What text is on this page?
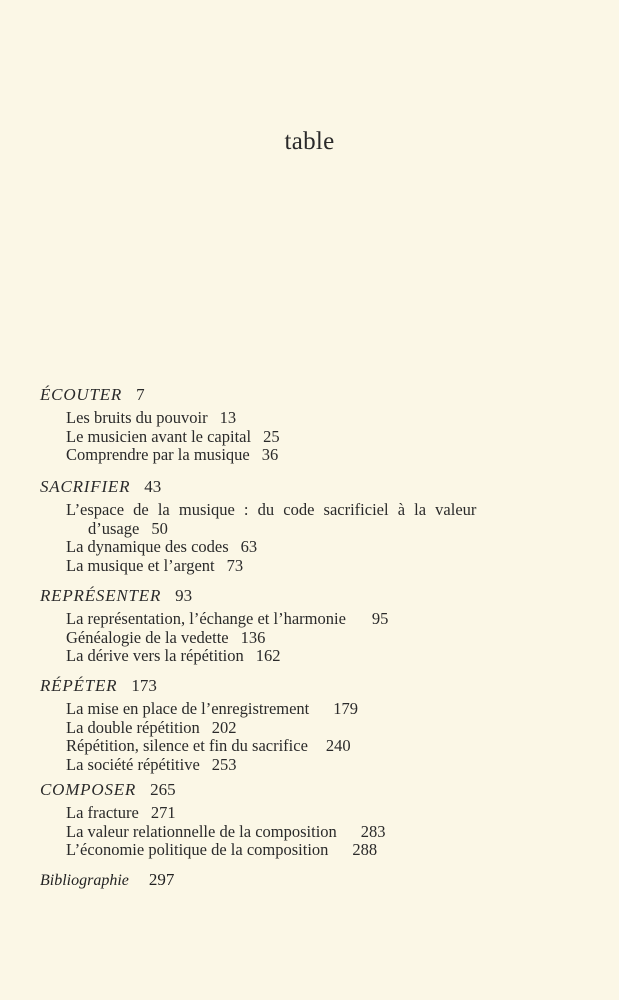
table
ÉCOUTER 7
Les bruits du pouvoir 13
Le musicien avant le capital 25
Comprendre par la musique 36
SACRIFIER 43
L’espace de la musique : du code sacrificiel à la valeur
d’usage 50
La dynamique des codes 63
La musique et l’argent 73
REPRÉSENTER 93
La représentation, l’échange et l’harmonie 95
Généalogie de la vedette 136
La dérive vers la répétition 162
RÉPÉTER 173
La mise en place de l’enregistrement 179
La double répétition 202
Répétition, silence et fin du sacrifice 240
La société répétitive 253
COMPOSER 265
La fracture 271
La valeur relationnelle de la composition 283
L’économie politique de la composition 288
Bibliographie 297
